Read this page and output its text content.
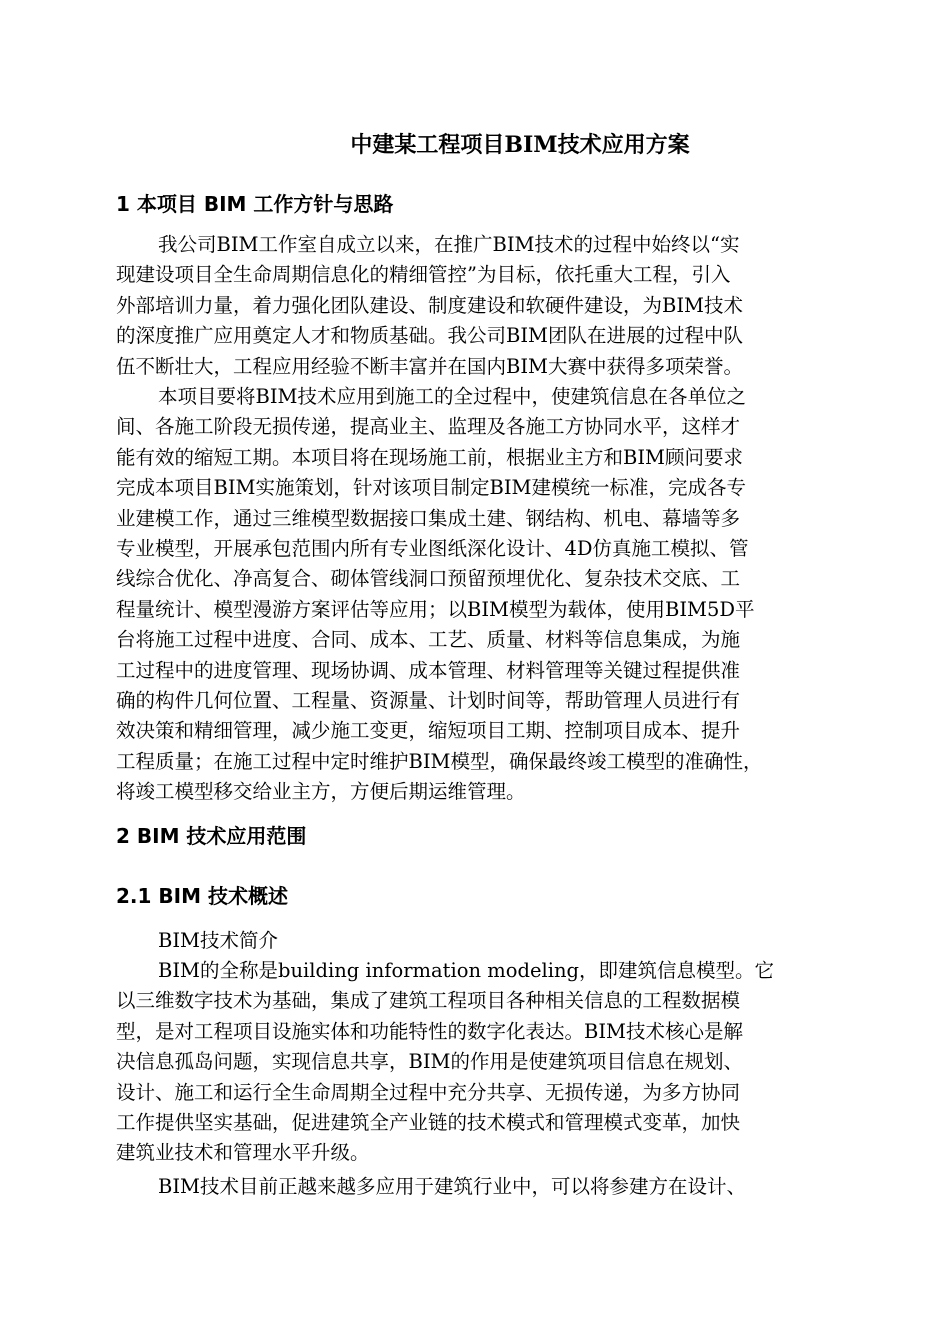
中建某工程项目BIM技术应用方案
1 本项目 BIM 工作方针与思路
我公司BIM工作室自成立以来，在推广BIM技术的过程中始终以“实
现建设项目全生命周期信息化的精细管控”为目标，依托重大工程，引入
外部培训力量，着力强化团队建设、制度建设和软硬件建设，为BIM技术
的深度推广应用奠定人才和物质基础。我公司BIM团队在进展的过程中队
伍不断壮大，工程应用经验不断丰富并在国内BIM大赛中获得多项荣誉。
本项目要将BIM技术应用到施工的全过程中，使建筑信息在各单位之
间、各施工阶段无损传递，提高业主、监理及各施工方协同水平，这样才
能有效的缩短工期。本项目将在现场施工前，根据业主方和BIM顾问要求
完成本项目BIM实施策划，针对该项目制定BIM建模统一标准，完成各专
业建模工作，通过三维模型数据接口集成土建、钢结构、机电、幕墙等多
专业模型，开展承包范围内所有专业图纸深化设计、4D仿真施工模拟、管
线综合优化、净高复合、砌体管线洞口预留预埋优化、复杂技术交底、工
程量统计、模型漫游方案评估等应用；以BIM模型为载体，使用BIM5D平
台将施工过程中进度、合同、成本、工艺、质量、材料等信息集成，为施
工过程中的进度管理、现场协调、成本管理、材料管理等关键过程提供准
确的构件几何位置、工程量、资源量、计划时间等，帮助管理人员进行有
效决策和精细管理，减少施工变更，缩短项目工期、控制项目成本、提升
工程质量；在施工过程中定时维护BIM模型，确保最终竣工模型的准确性，
将竣工模型移交给业主方，方便后期运维管理。
2 BIM 技术应用范围
2.1 BIM 技术概述
BIM技术简介
BIM的全称是building information modeling，即建筑信息模型。它
以三维数字技术为基础，集成了建筑工程项目各种相关信息的工程数据模
型，是对工程项目设施实体和功能特性的数字化表达。BIM技术核心是解
决信息孤岛问题，实现信息共享，BIM的作用是使建筑项目信息在规划、
设计、施工和运行全生命周期全过程中充分共享、无损传递，为多方协同
工作提供坚实基础，促进建筑全产业链的技术模式和管理模式变革，加快
建筑业技术和管理水平升级。
BIM技术目前正越来越多应用于建筑行业中，可以将参建方在设计、
